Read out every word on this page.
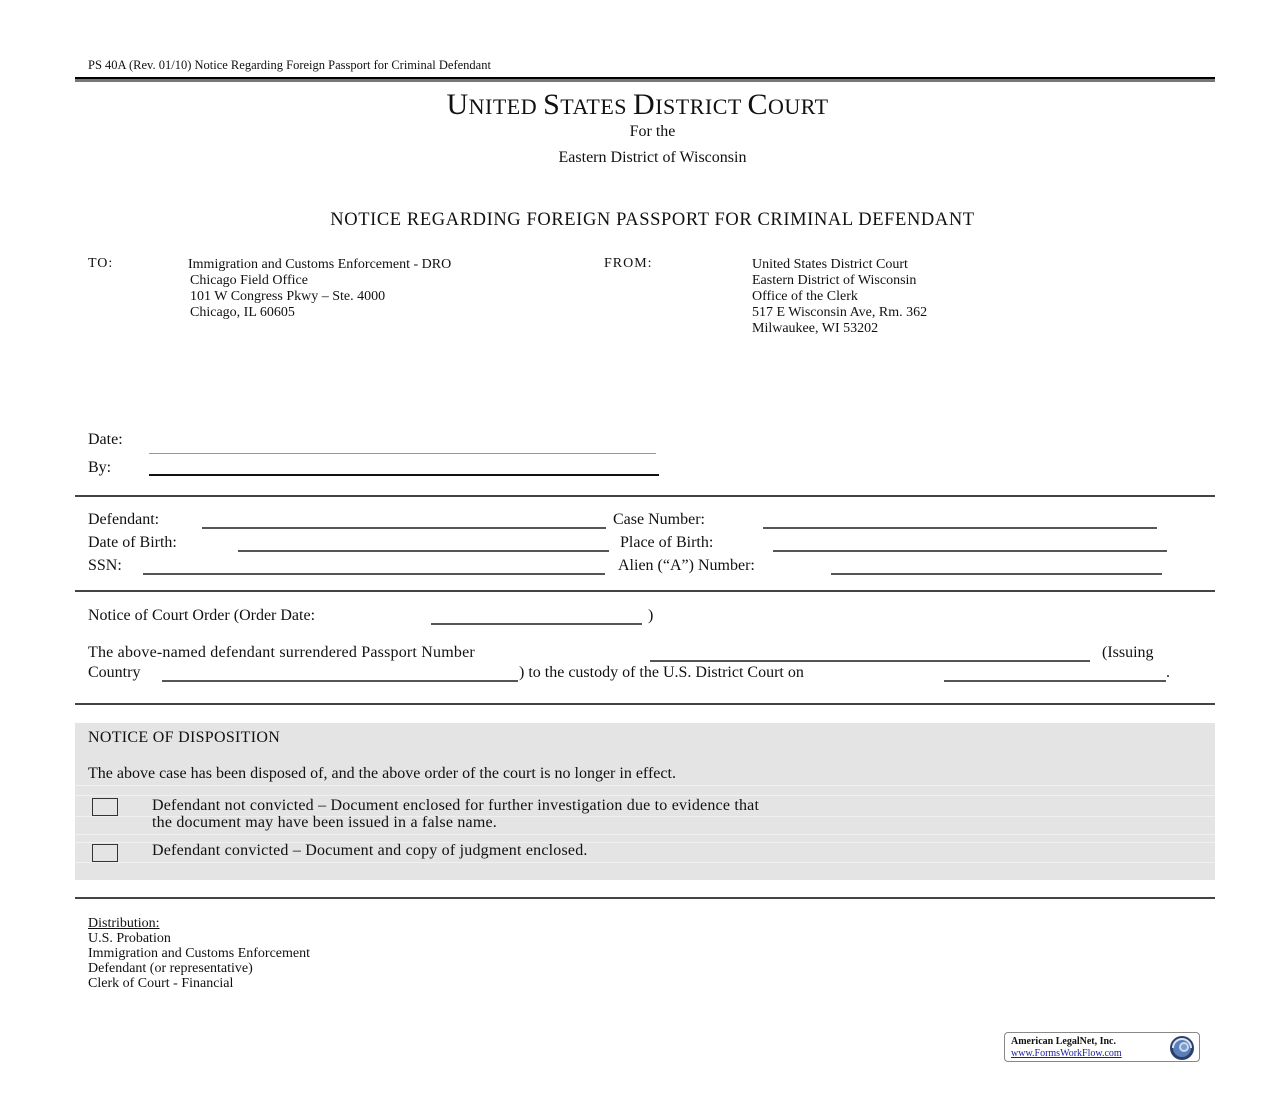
PS 40A (Rev. 01/10) Notice Regarding Foreign Passport for Criminal Defendant
UNITED STATES DISTRICT COURT
For the
Eastern District of Wisconsin
NOTICE REGARDING FOREIGN PASSPORT FOR CRIMINAL DEFENDANT
TO:	Immigration and Customs Enforcement - DRO
Chicago Field Office
101 W Congress Pkwy – Ste. 4000
Chicago, IL 60605
FROM:	United States District Court
Eastern District of Wisconsin
Office of the Clerk
517 E Wisconsin Ave, Rm. 362
Milwaukee, WI 53202
Date:
By:
Defendant:	Case Number:
Date of Birth:	Place of Birth:
SSN:	Alien (“A”) Number:
Notice of Court Order (Order Date:	)
The above-named defendant surrendered Passport Number	(Issuing
Country	) to the custody of the U.S. District Court on	.
NOTICE OF DISPOSITION
The above case has been disposed of, and the above order of the court is no longer in effect.
Defendant not convicted – Document enclosed for further investigation due to evidence that
the document may have been issued in a false name.
Defendant convicted – Document and copy of judgment enclosed.
Distribution:
U.S. Probation
Immigration and Customs Enforcement
Defendant (or representative)
Clerk of Court - Financial
American LegalNet, Inc.
www.FormsWorkFlow.com
